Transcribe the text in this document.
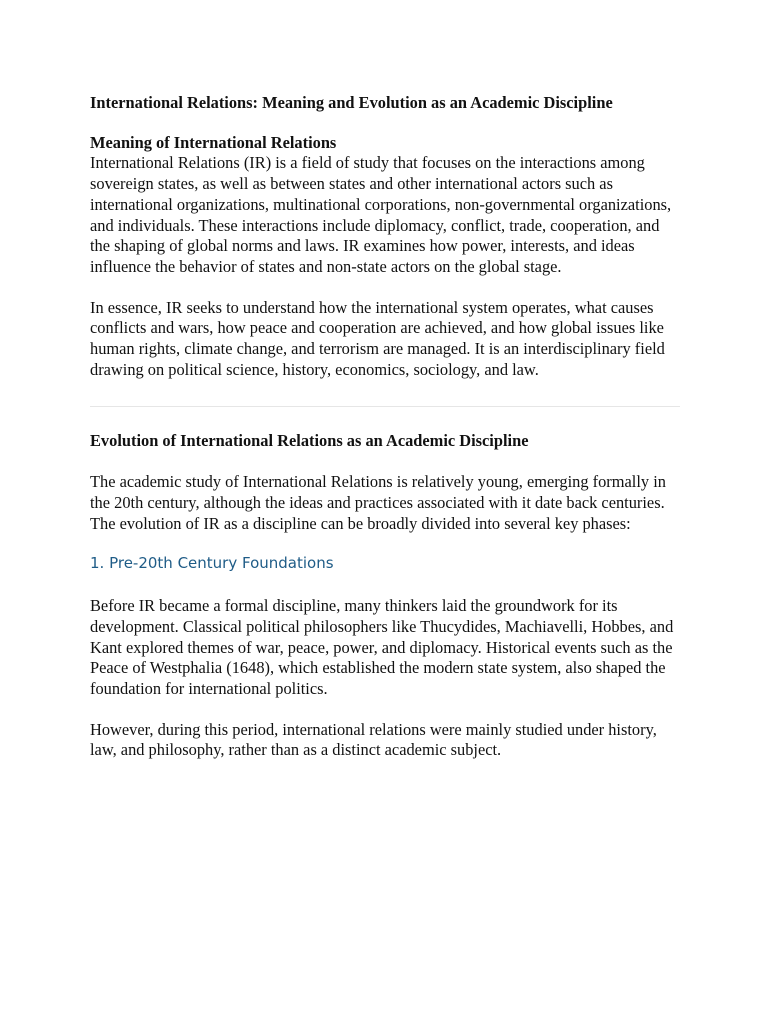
International Relations: Meaning and Evolution as an Academic Discipline
Meaning of International Relations

International Relations (IR) is a field of study that focuses on the interactions among sovereign states, as well as between states and other international actors such as international organizations, multinational corporations, non-governmental organizations, and individuals. These interactions include diplomacy, conflict, trade, cooperation, and the shaping of global norms and laws. IR examines how power, interests, and ideas influence the behavior of states and non-state actors on the global stage.

In essence, IR seeks to understand how the international system operates, what causes conflicts and wars, how peace and cooperation are achieved, and how global issues like human rights, climate change, and terrorism are managed. It is an interdisciplinary field drawing on political science, history, economics, sociology, and law.

Evolution of International Relations as an Academic Discipline

The academic study of International Relations is relatively young, emerging formally in the 20th century, although the ideas and practices associated with it date back centuries. The evolution of IR as a discipline can be broadly divided into several key phases:

1. Pre-20th Century Foundations

Before IR became a formal discipline, many thinkers laid the groundwork for its development. Classical political philosophers like Thucydides, Machiavelli, Hobbes, and Kant explored themes of war, peace, power, and diplomacy. Historical events such as the Peace of Westphalia (1648), which established the modern state system, also shaped the foundation for international politics.

However, during this period, international relations were mainly studied under history, law, and philosophy, rather than as a distinct academic subject.
